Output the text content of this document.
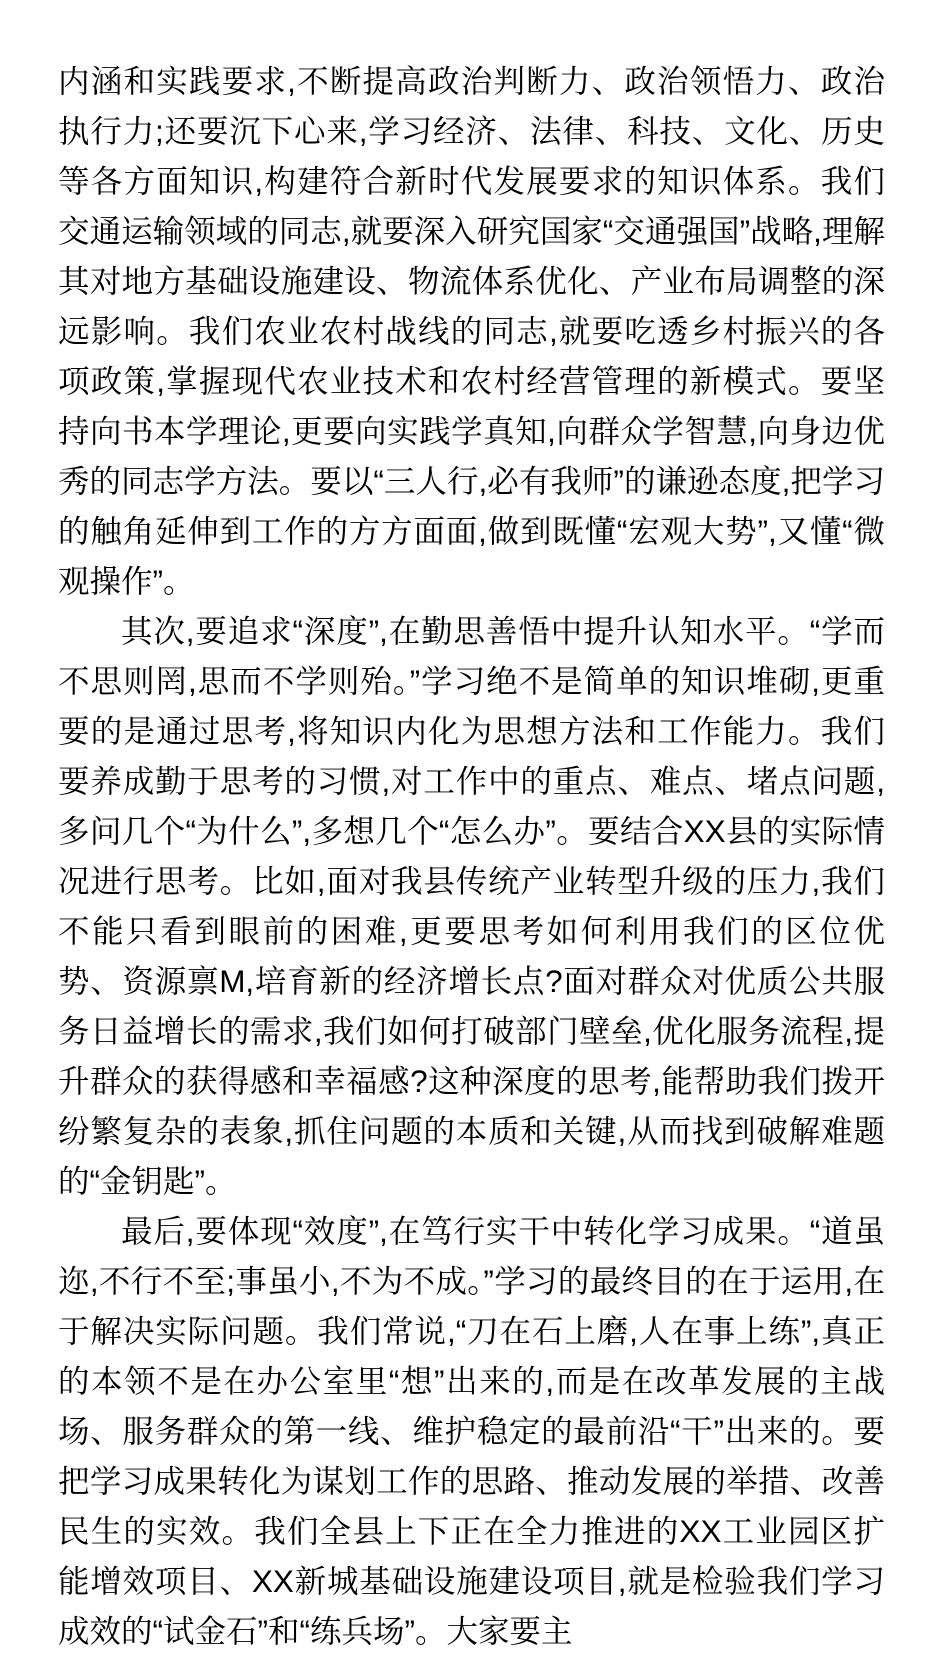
内涵和实践要求,不断提高政治判断力、政治领悟力、政治执行力;还要沉下心来,学习经济、法律、科技、文化、历史等各方面知识,构建符合新时代发展要求的知识体系。我们交通运输领域的同志,就要深入研究国家“交通强国”战略,理解其对地方基础设施建设、物流体系优化、产业布局调整的深远影响。我们农业农村战线的同志,就要吃透乡村振兴的各项政策,掌握现代农业技术和农村经营管理的新模式。要坚持向书本学理论,更要向实践学真知,向群众学智慧,向身边优秀的同志学方法。要以“三人行,必有我师”的谦逊态度,把学习的触角延伸到工作的方方面面,做到既懂“宏观大势”,又懂“微观操作”。

其次,要追求“深度”,在勤思善悟中提升认知水平。“学而不思则罔,思而不学则殆。”学习绝不是简单的知识堆砌,更重要的是通过思考,将知识内化为思想方法和工作能力。我们要养成勤于思考的习惯,对工作中的重点、难点、堵点问题,多问几个“为什么”,多想几个“怎么办”。要结合XX县的实际情况进行思考。比如,面对我县传统产业转型升级的压力,我们不能只看到眼前的困难,更要思考如何利用我们的区位优势、资源禀M,培育新的经济增长点?面对群众对优质公共服务日益增长的需求,我们如何打破部门壁垒,优化服务流程,提升群众的获得感和幸福感?这种深度的思考,能帮助我们拨开纷繁复杂的表象,抓住问题的本质和关键,从而找到破解难题的“金钥匙”。

最后,要体现“效度”,在笃行实干中转化学习成果。“道虽迩,不行不至;事虽小,不为不成。”学习的最终目的在于运用,在于解决实际问题。我们常说,“刀在石上磨,人在事上练”,真正的本领不是在办公室里“想”出来的,而是在改革发展的主战场、服务群众的第一线、维护稳定的最前沿“干”出来的。要把学习成果转化为谋划工作的思路、推动发展的举措、改善民生的实效。我们全县上下正在全力推进的XX工业园区扩能增效项目、XX新城基础设施建设项目,就是检验我们学习成效的“试金石”和“练兵场”。大家要主
